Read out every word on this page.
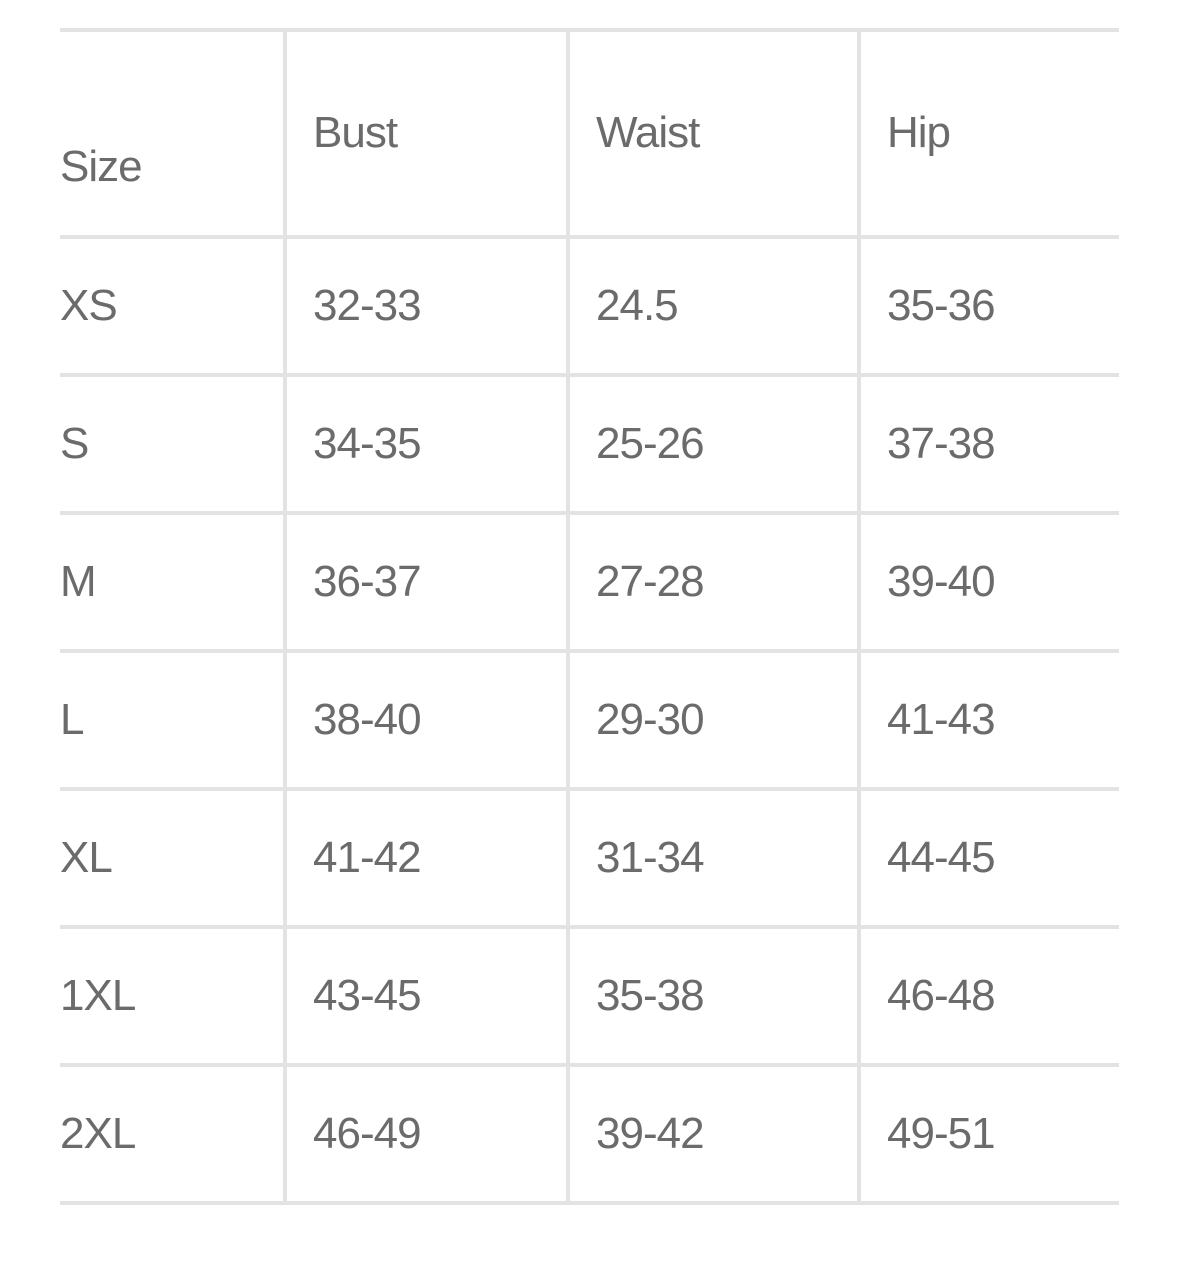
Size	Bust	Waist	Hip
XS	32-33	24.5	35-36
S	34-35	25-26	37-38
M	36-37	27-28	39-40
L	38-40	29-30	41-43
XL	41-42	31-34	44-45
1XL	43-45	35-38	46-48
2XL	46-49	39-42	49-51
